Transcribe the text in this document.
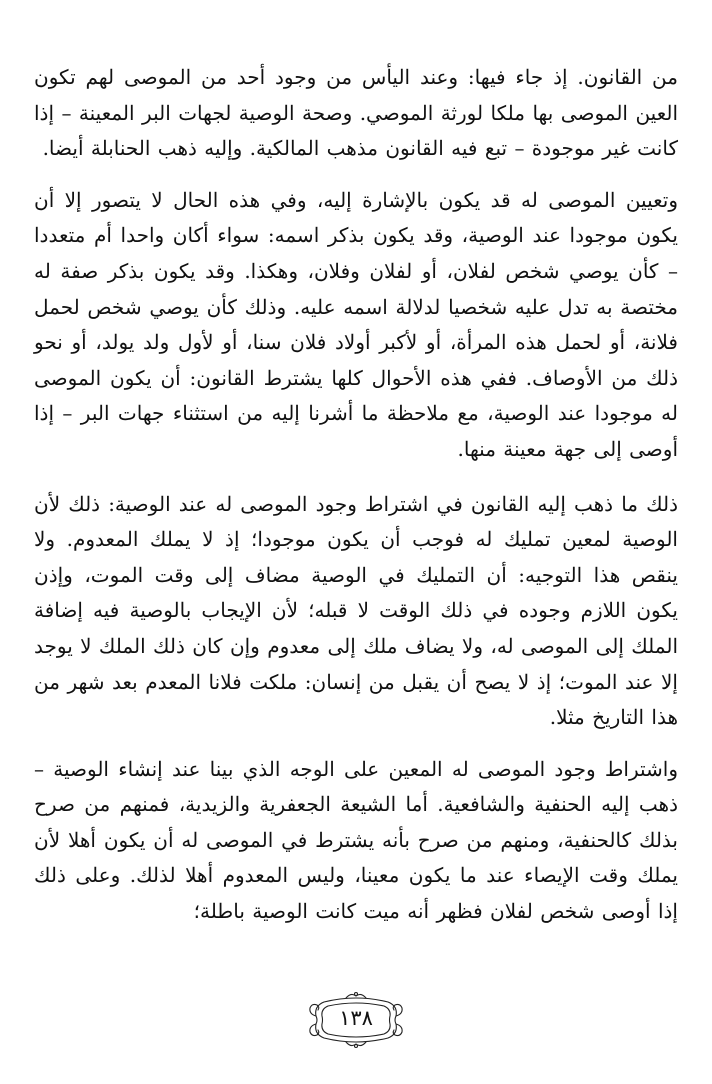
من القانون. إذ جاء فيها: وعند اليأس من وجود أحد من الموصى لهم تكون العين الموصى بها ملكا لورثة الموصي. وصحة الوصية لجهات البر المعينة – إذا كانت غير موجودة – تبع فيه القانون مذهب المالكية. وإليه ذهب الحنابلة أيضا.

وتعيين الموصى له قد يكون بالإشارة إليه، وفي هذه الحال لا يتصور إلا أن يكون موجودا عند الوصية، وقد يكون بذكر اسمه: سواء أكان واحدا أم متعددا – كأن يوصي شخص لفلان، أو لفلان وفلان، وهكذا. وقد يكون بذكر صفة له مختصة به تدل عليه شخصيا لدلالة اسمه عليه. وذلك كأن يوصي شخص لحمل فلانة، أو لحمل هذه المرأة، أو لأكبر أولاد فلان سنا، أو لأول ولد يولد، أو نحو ذلك من الأوصاف. ففي هذه الأحوال كلها يشترط القانون: أن يكون الموصى له موجودا عند الوصية، مع ملاحظة ما أشرنا إليه من استثناء جهات البر – إذا أوصى إلى جهة معينة منها.

ذلك ما ذهب إليه القانون في اشتراط وجود الموصى له عند الوصية: ذلك لأن الوصية لمعين تمليك له فوجب أن يكون موجودا؛ إذ لا يملك المعدوم. ولا ينقص هذا التوجيه: أن التمليك في الوصية مضاف إلى وقت الموت، وإذن يكون اللازم وجوده في ذلك الوقت لا قبله؛ لأن الإيجاب بالوصية فيه إضافة الملك إلى الموصى له، ولا يضاف ملك إلى معدوم وإن كان ذلك الملك لا يوجد إلا عند الموت؛ إذ لا يصح أن يقبل من إنسان: ملكت فلانا المعدم بعد شهر من هذا التاريخ مثلا.

واشتراط وجود الموصى له المعين على الوجه الذي بينا عند إنشاء الوصية – ذهب إليه الحنفية والشافعية. أما الشيعة الجعفرية والزيدية، فمنهم من صرح بذلك كالحنفية، ومنهم من صرح بأنه يشترط في الموصى له أن يكون أهلا لأن يملك وقت الإيصاء عند ما يكون معينا، وليس المعدوم أهلا لذلك. وعلى ذلك إذا أوصى شخص لفلان فظهر أنه ميت كانت الوصية باطلة؛

١٣٨
